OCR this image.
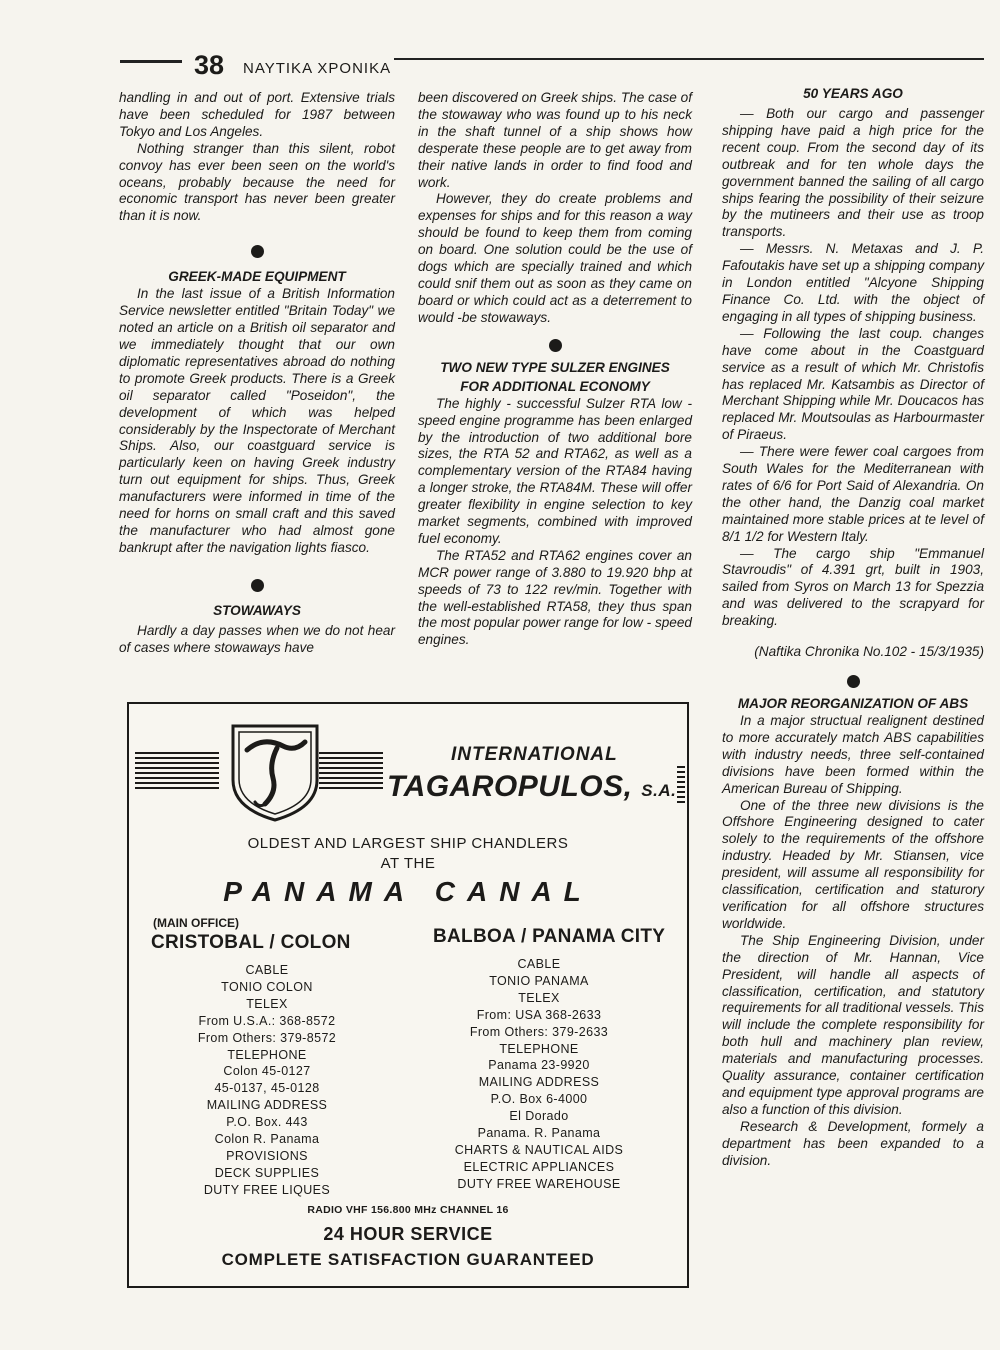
38 ΝΑΥΤΙΚΑ ΧΡΟΝΙΚΑ

handling in and out of port. Extensive trials have been scheduled for 1987 between Tokyo and Los Angeles.

Nothing stranger than this silent, robot convoy has ever been seen on the world's oceans, probably because the need for economic transport has never been greater than it is now.

GREEK-MADE EQUIPMENT

In the last issue of a British Information Service newsletter entitled "Britain Today" we noted an article on a British oil separator and we immediately thought that our own diplomatic representatives abroad do nothing to promote Greek products. There is a Greek oil separator called "Poseidon", the development of which was helped considerably by the Inspectorate of Merchant Ships. Also, our coastguard service is particularly keen on having Greek industry turn out equipment for ships. Thus, Greek manufacturers were informed in time of the need for horns on small craft and this saved the manufacturer who had almost gone bankrupt after the navigation lights fiasco.

STOWAWAYS

Hardly a day passes when we do not hear of cases where stowaways have

been discovered on Greek ships. The case of the stowaway who was found up to his neck in the shaft tunnel of a ship shows how desperate these people are to get away from their native lands in order to find food and work.

However, they do create problems and expenses for ships and for this reason a way should be found to keep them from coming on board. One solution could be the use of dogs which are specially trained and which could snif them out as soon as they came on board or which could act as a deterrement to would -be stowaways.

TWO NEW TYPE SULZER ENGINES FOR ADDITIONAL ECONOMY

The highly - successful Sulzer RTA low - speed engine programme has been enlarged by the introduction of two additional bore sizes, the RTA 52 and RTA62, as well as a complementary version of the RTA84 having a longer stroke, the RTA84M. These will offer greater flexibility in engine selection to key market segments, combined with improved fuel economy.

The RTA52 and RTA62 engines cover an MCR power range of 3.880 to 19.920 bhp at speeds of 73 to 122 rev/min. Together with the well-established RTA58, they thus span the most popular power range for low - speed engines.

50 YEARS AGO

— Both our cargo and passenger shipping have paid a high price for the recent coup. From the second day of its outbreak and for ten whole days the government banned the sailing of all cargo ships fearing the possibility of their seizure by the mutineers and their use as troop transports.

— Messrs. N. Metaxas and J. P. Fafoutakis have set up a shipping company in London entitled "Alcyone Shipping Finance Co. Ltd. with the object of engaging in all types of shipping business.

— Following the last coup. changes have come about in the Coastguard service as a result of which Mr. Christofis has replaced Mr. Katsambis as Director of Merchant Shipping while Mr. Doucacos has replaced Mr. Moutsoulas as Harbourmaster of Piraeus.

— There were fewer coal cargoes from South Wales for the Mediterranean with rates of 6/6 for Port Said of Alexandria. On the other hand, the Danzig coal market maintained more stable prices at te level of 8/1 1/2 for Western Italy.

— The cargo ship "Emmanuel Stavroudis" of 4.391 grt, built in 1903, sailed from Syros on March 13 for Spezzia and was delivered to the scrapyard for breaking.

(Naftika Chronika No.102 - 15/3/1935)

MAJOR REORGANIZATION OF ABS

In a major structual realignent destined to more accurately match ABS capabilities with industry needs, three self-contained divisions have been formed within the American Bureau of Shipping.

One of the three new divisions is the Offshore Engineering designed to cater solely to the requirements of the offshore industry. Headed by Mr. Stiansen, vice president, will assume all responsibility for classification, certification and staturory verification for all offshore structures worldwide.

The Ship Engineering Division, under the direction of Mr. Hannan, Vice President, will handle all aspects of classification, certification, and statutory requirements for all traditional vessels. This will include the complete responsibility for both hull and machinery plan review, materials and manufacturing processes. Quality assurance, container certification and equipment type approval programs are also a function of this division.

Research & Development, formely a department has been expanded to a division.

INTERNATIONAL
TAGAROPULOS, S.A.
OLDEST AND LARGEST SHIP CHANDLERS
AT THE
PANAMA CANAL
(MAIN OFFICE)
CRISTOBAL / COLON	BALBOA / PANAMA CITY
CABLE
TONIO COLON
TELEX
From U.S.A.: 368-8572
From Others: 379-8572
TELEPHONE
Colon 45-0127
45-0137, 45-0128
MAILING ADDRESS
P.O. Box. 443
Colon R. Panama
PROVISIONS
DECK SUPPLIES
DUTY FREE LIQUES
CABLE
TONIO PANAMA
TELEX
From: USA 368-2633
From Others: 379-2633
TELEPHONE
Panama 23-9920
MAILING ADDRESS
P.O. Box 6-4000
El Dorado
Panama. R. Panama
CHARTS & NAUTICAL AIDS
ELECTRIC APPLIANCES
DUTY FREE WAREHOUSE
RADIO VHF 156.800 MHz CHANNEL 16
24 HOUR SERVICE
COMPLETE SATISFACTION GUARANTEED
